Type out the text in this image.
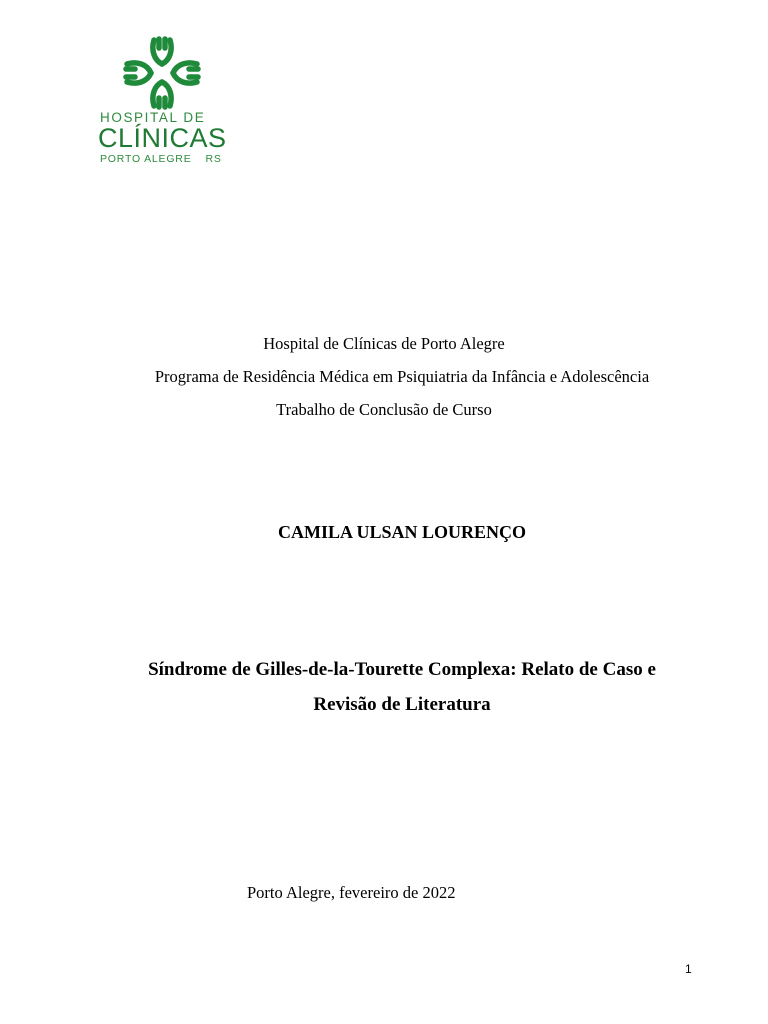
HOSPITAL DE
CLÍNICAS
PORTO ALEGRE RS
Hospital de Clínicas de Porto Alegre
Programa de Residência Médica em Psiquiatria da Infância e Adolescência
Trabalho de Conclusão de Curso
CAMILA ULSAN LOURENÇO
Síndrome de Gilles-de-la-Tourette Complexa: Relato de Caso e
Revisão de Literatura
Porto Alegre, fevereiro de 2022
1
